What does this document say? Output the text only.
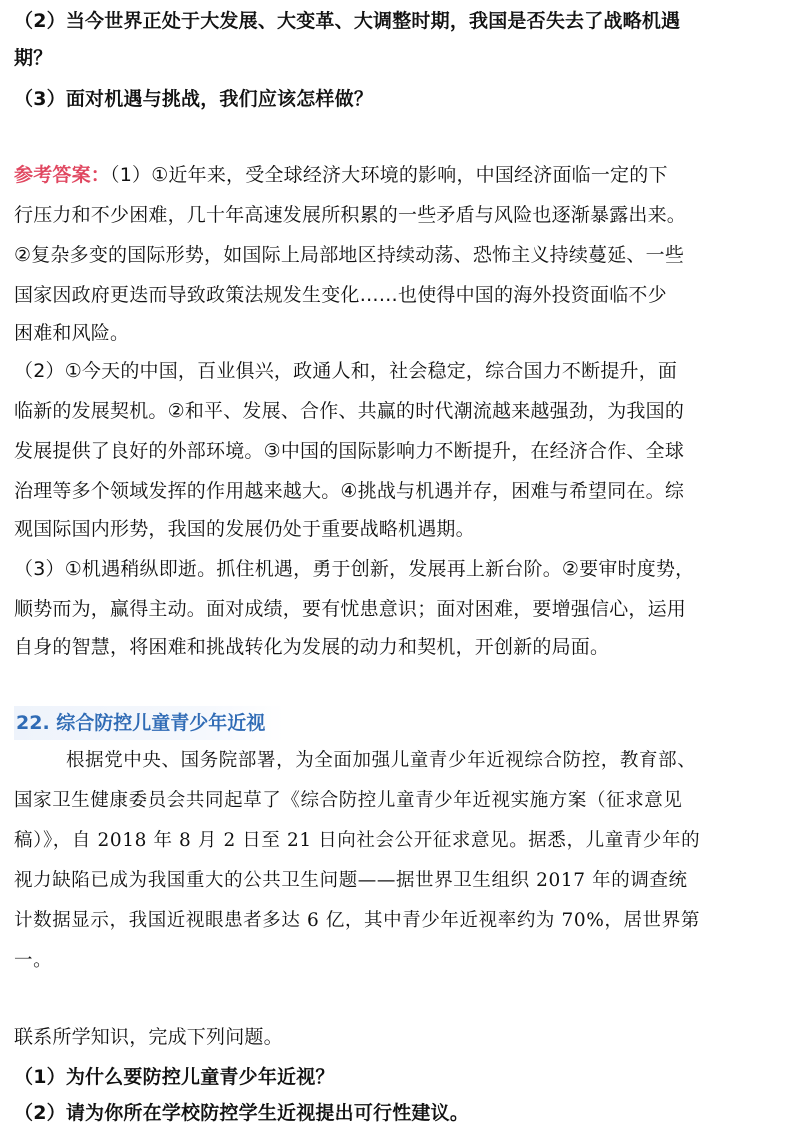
（2）当今世界正处于大发展、大变革、大调整时期，我国是否失去了战略机遇
期？
（3）面对机遇与挑战，我们应该怎样做？
参考答案：（1）①近年来，受全球经济大环境的影响，中国经济面临一定的下
行压力和不少困难，几十年高速发展所积累的一些矛盾与风险也逐渐暴露出来。
②复杂多变的国际形势，如国际上局部地区持续动荡、恐怖主义持续蔓延、一些
国家因政府更迭而导致政策法规发生变化……也使得中国的海外投资面临不少
困难和风险。
（2）①今天的中国，百业俱兴，政通人和，社会稳定，综合国力不断提升，面
临新的发展契机。②和平、发展、合作、共赢的时代潮流越来越强劲，为我国的
发展提供了良好的外部环境。③中国的国际影响力不断提升，在经济合作、全球
治理等多个领域发挥的作用越来越大。④挑战与机遇并存，困难与希望同在。综
观国际国内形势，我国的发展仍处于重要战略机遇期。
（3）①机遇稍纵即逝。抓住机遇，勇于创新，发展再上新台阶。②要审时度势，
顺势而为，赢得主动。面对成绩，要有忧患意识；面对困难，要增强信心，运用
自身的智慧，将困难和挑战转化为发展的动力和契机，开创新的局面。
22. 综合防控儿童青少年近视
根据党中央、国务院部署，为全面加强儿童青少年近视综合防控，教育部、
国家卫生健康委员会共同起草了《综合防控儿童青少年近视实施方案（征求意见
稿）》，自 2018 年 8 月 2 日至 21 日向社会公开征求意见。据悉，儿童青少年的
视力缺陷已成为我国重大的公共卫生问题——据世界卫生组织 2017 年的调查统
计数据显示，我国近视眼患者多达 6 亿，其中青少年近视率约为 70%，居世界第
一。
联系所学知识，完成下列问题。
（1）为什么要防控儿童青少年近视？
（2）请为你所在学校防控学生近视提出可行性建议。
